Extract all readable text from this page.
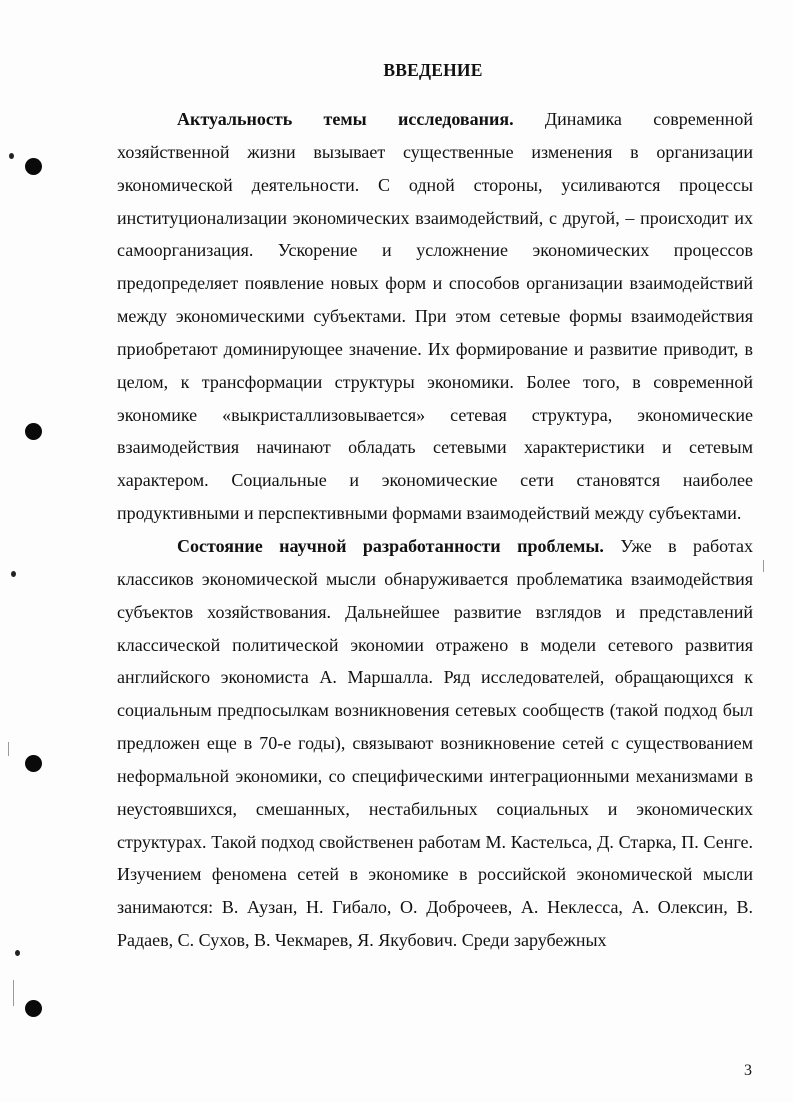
ВВЕДЕНИЕ

Актуальность темы исследования. Динамика современной хозяйственной жизни вызывает существенные изменения в организации экономической деятельности. С одной стороны, усиливаются процессы институционализации экономических взаимодействий, с другой, – происходит их самоорганизация. Ускорение и усложнение экономических процессов предопределяет появление новых форм и способов организации взаимодействий между экономическими субъектами. При этом сетевые формы взаимодействия приобретают доминирующее значение. Их формирование и развитие приводит, в целом, к трансформации структуры экономики. Более того, в современной экономике «выкристаллизовывается» сетевая структура, экономические взаимодействия начинают обладать сетевыми характеристики и сетевым характером. Социальные и экономические сети становятся наиболее продуктивными и перспективными формами взаимодействий между субъектами.

Состояние научной разработанности проблемы. Уже в работах классиков экономической мысли обнаруживается проблематика взаимодействия субъектов хозяйствования. Дальнейшее развитие взглядов и представлений классической политической экономии отражено в модели сетевого развития английского экономиста А. Маршалла. Ряд исследователей, обращающихся к социальным предпосылкам возникновения сетевых сообществ (такой подход был предложен еще в 70-е годы), связывают возникновение сетей с существованием неформальной экономики, со специфическими интеграционными механизмами в неустоявшихся, смешанных, нестабильных социальных и экономических структурах. Такой подход свойственен работам М. Кастельса, Д. Старка, П. Сенге. Изучением феномена сетей в экономике в российской экономической мысли занимаются: В. Аузан, Н. Гибало, О. Доброчеев, А. Неклесса, А. Олексин, В. Радаев, С. Сухов, В. Чекмарев, Я. Якубович. Среди зарубежных

3
